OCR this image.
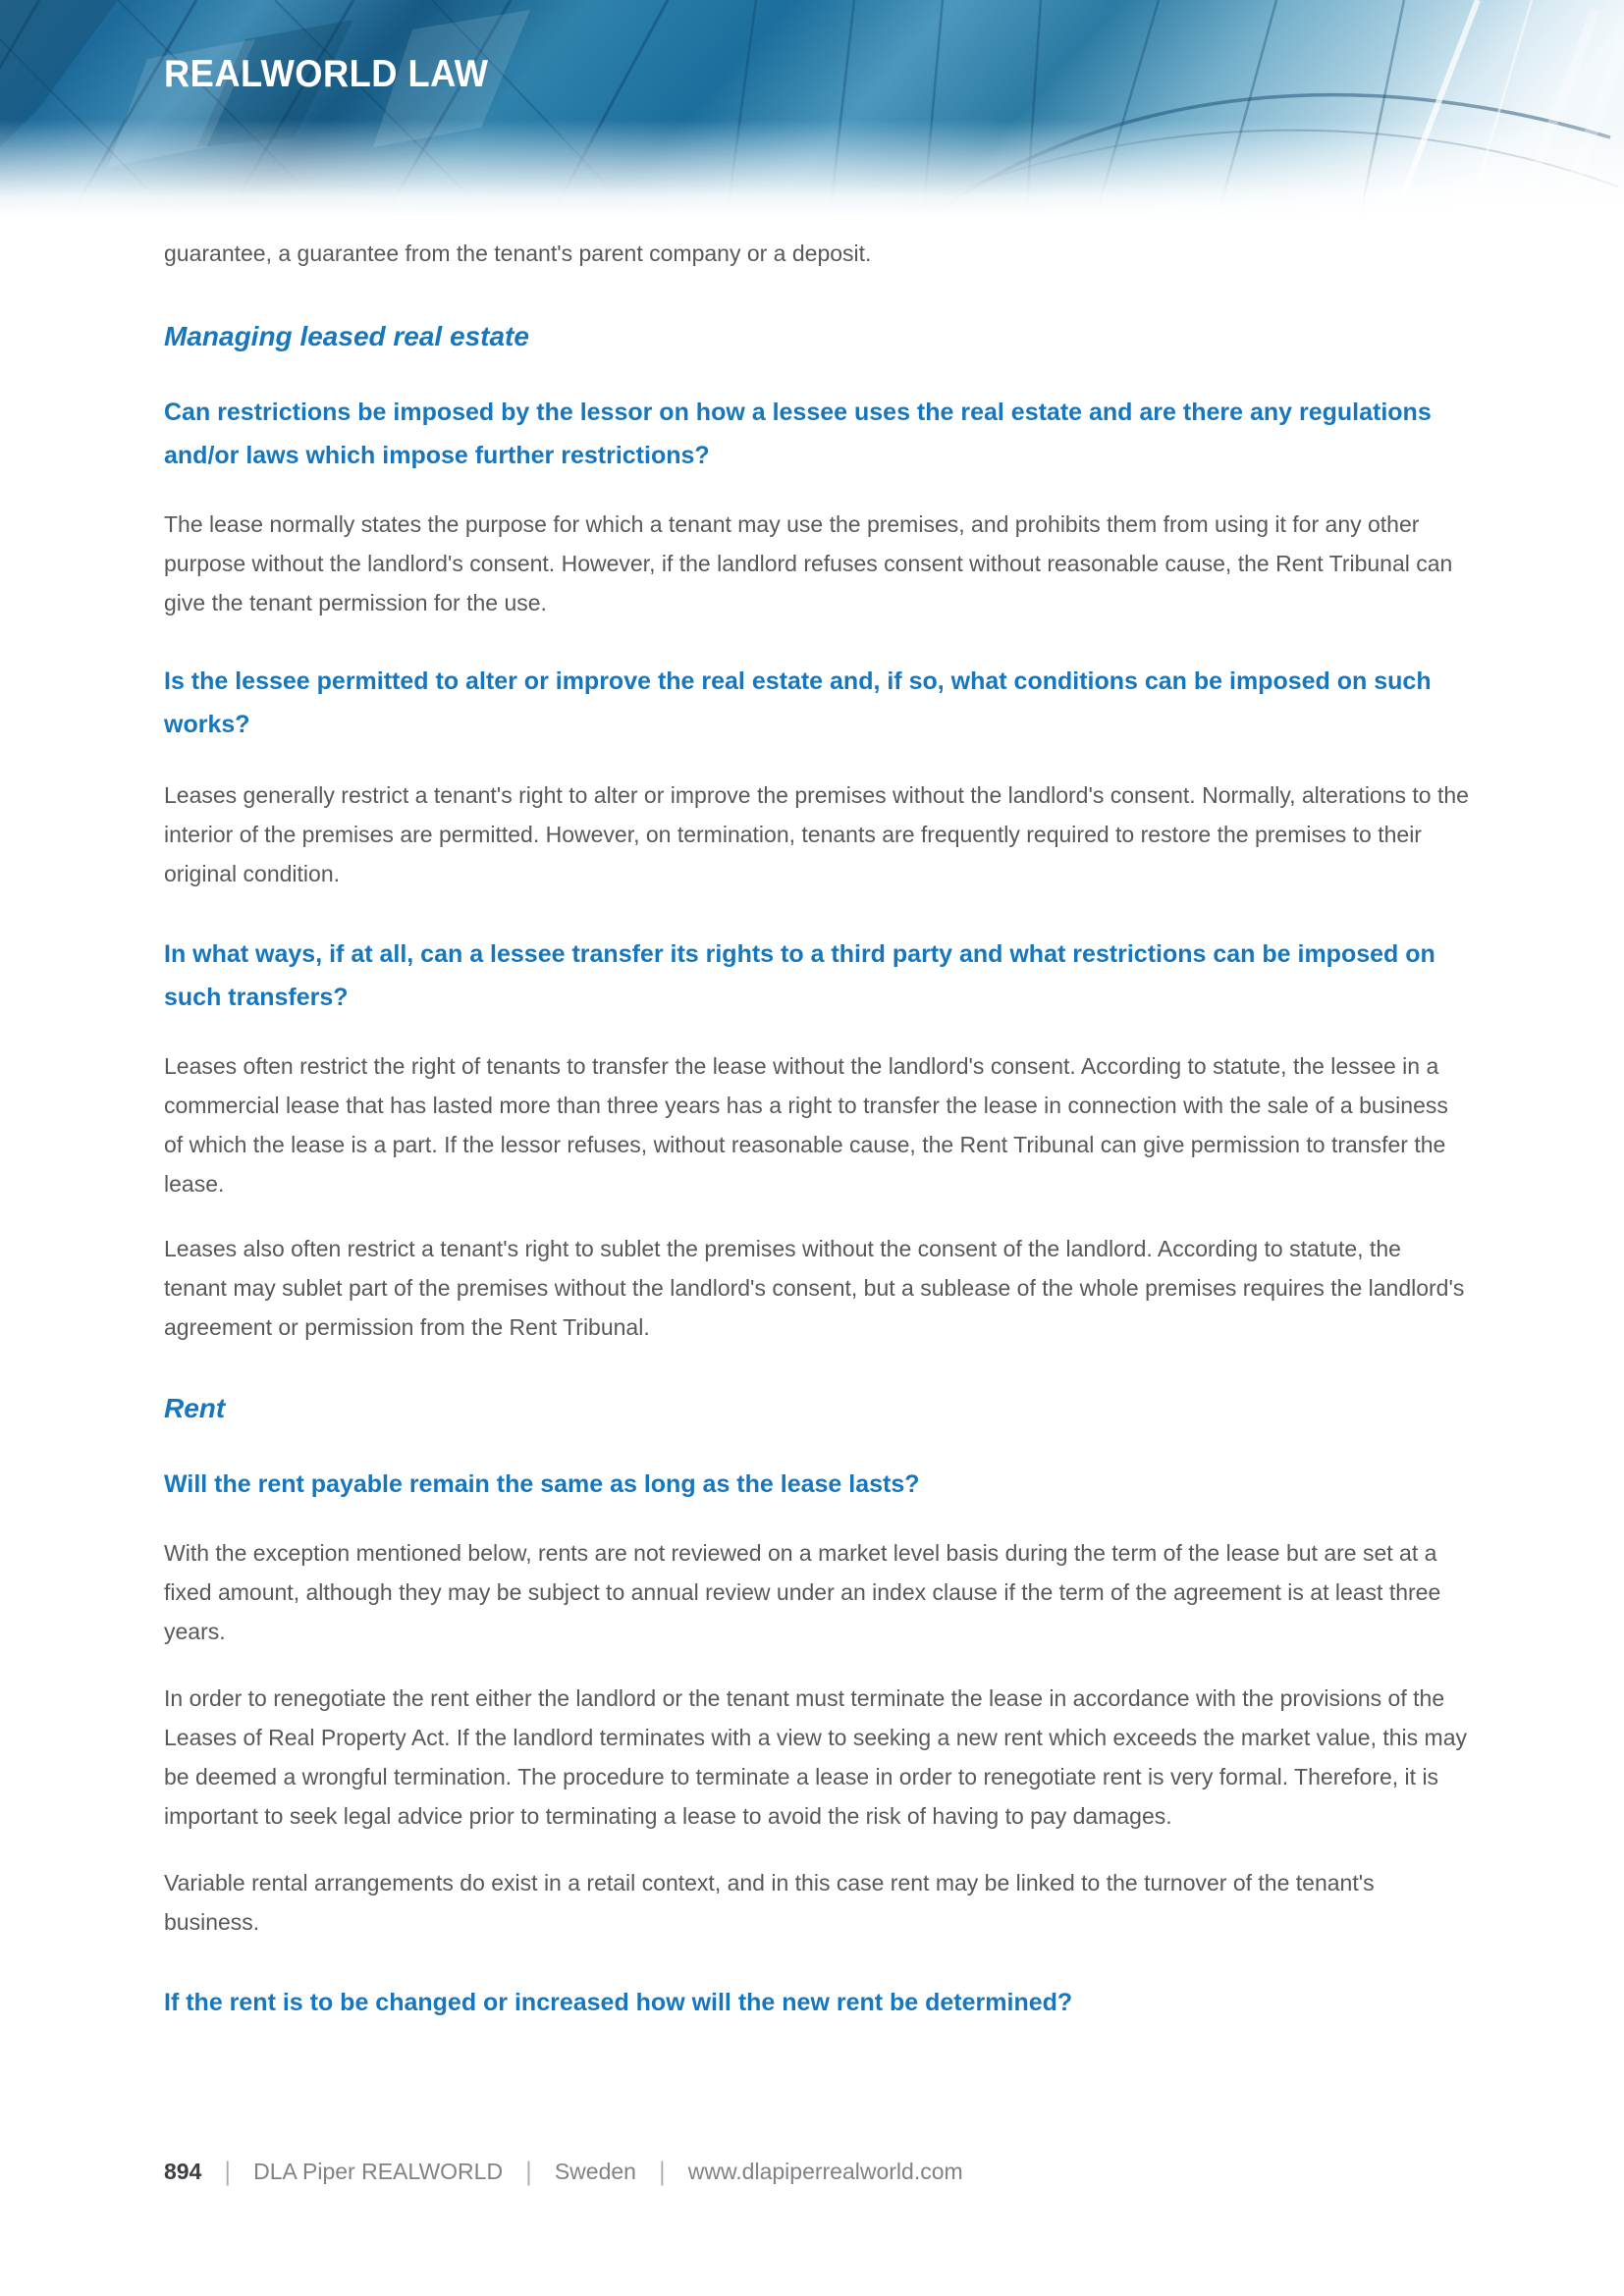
REALWORLD LAW

guarantee, a guarantee from the tenant's parent company or a deposit.

Managing leased real estate
Can restrictions be imposed by the lessor on how a lessee uses the real estate and are there any regulations and/or laws which impose further restrictions?

The lease normally states the purpose for which a tenant may use the premises, and prohibits them from using it for any other purpose without the landlord's consent. However, if the landlord refuses consent without reasonable cause, the Rent Tribunal can give the tenant permission for the use.

Is the lessee permitted to alter or improve the real estate and, if so, what conditions can be imposed on such works?

Leases generally restrict a tenant's right to alter or improve the premises without the landlord's consent. Normally, alterations to the interior of the premises are permitted. However, on termination, tenants are frequently required to restore the premises to their original condition.

In what ways, if at all, can a lessee transfer its rights to a third party and what restrictions can be imposed on such transfers?

Leases often restrict the right of tenants to transfer the lease without the landlord's consent. According to statute, the lessee in a commercial lease that has lasted more than three years has a right to transfer the lease in connection with the sale of a business of which the lease is a part. If the lessor refuses, without reasonable cause, the Rent Tribunal can give permission to transfer the lease.

Leases also often restrict a tenant's right to sublet the premises without the consent of the landlord. According to statute, the tenant may sublet part of the premises without the landlord's consent, but a sublease of the whole premises requires the landlord's agreement or permission from the Rent Tribunal.

Rent
Will the rent payable remain the same as long as the lease lasts?

With the exception mentioned below, rents are not reviewed on a market level basis during the term of the lease but are set at a fixed amount, although they may be subject to annual review under an index clause if the term of the agreement is at least three years.

In order to renegotiate the rent either the landlord or the tenant must terminate the lease in accordance with the provisions of the Leases of Real Property Act. If the landlord terminates with a view to seeking a new rent which exceeds the market value, this may be deemed a wrongful termination. The procedure to terminate a lease in order to renegotiate rent is very formal. Therefore, it is important to seek legal advice prior to terminating a lease to avoid the risk of having to pay damages.

Variable rental arrangements do exist in a retail context, and in this case rent may be linked to the turnover of the tenant's business.

If the rent is to be changed or increased how will the new rent be determined?
894 | DLA Piper REALWORLD | Sweden | www.dlapiperrealworld.com
